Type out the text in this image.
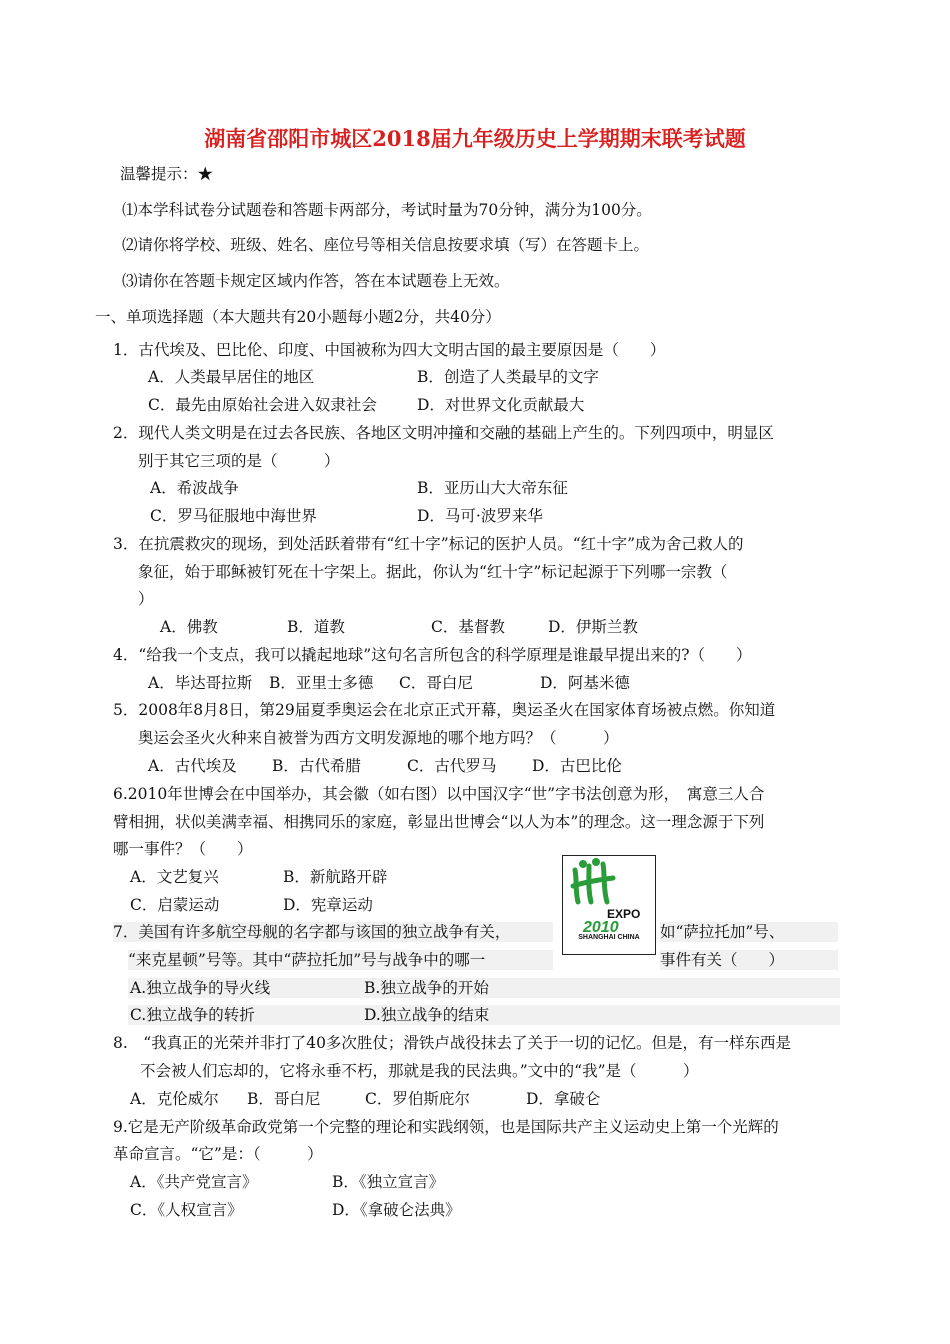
湖南省邵阳市城区2018届九年级历史上学期期末联考试题
温馨提示：★
⑴本学科试卷分试题卷和答题卡两部分，考试时量为70分钟，满分为100分。
⑵请你将学校、班级、姓名、座位号等相关信息按要求填（写）在答题卡上。
⑶请你在答题卡规定区域内作答，答在本试题卷上无效。
一、单项选择题（本大题共有20小题每小题2分，共40分）
1．古代埃及、巴比伦、印度、中国被称为四大文明古国的最主要原因是（　　）
A．人类最早居住的地区	B．创造了人类最早的文字
C．最先由原始社会进入奴隶社会	D．对世界文化贡献最大
2．现代人类文明是在过去各民族、各地区文明冲撞和交融的基础上产生的。下列四项中，明显区
别于其它三项的是（　　　）
A．希波战争	B．亚历山大大帝东征
C．罗马征服地中海世界	D．马可·波罗来华
3．在抗震救灾的现场，到处活跃着带有“红十字”标记的医护人员。“红十字”成为舍己救人的
象征，始于耶稣被钉死在十字架上。据此，你认为“红十字”标记起源于下列哪一宗教（
）
A．佛教	B．道教	C．基督教	D．伊斯兰教
4．“给我一个支点，我可以撬起地球”这句名言所包含的科学原理是谁最早提出来的?（　　）
A．毕达哥拉斯 B．亚里士多德 C．哥白尼	D．阿基米德
5．2008年8月8日，第29届夏季奥运会在北京正式开幕，奥运圣火在国家体育场被点燃。你知道
奥运会圣火火种来自被誉为西方文明发源地的哪个地方吗？（　　　）
A．古代埃及 B．古代希腊	C．古代罗马 D．古巴比伦
6.2010年世博会在中国举办，其会徽（如右图）以中国汉字“世”字书法创意为形，　寓意三人合
臂相拥，状似美满幸福、相携同乐的家庭，彰显出世博会“以人为本”的理念。这一理念源于下列
哪一事件？（　　）
A．文艺复兴	B．新航路开辟
C．启蒙运动	D．宪章运动	EXPO
2010
SHANGHAI CHINA
7．美国有许多航空母舰的名字都与该国的独立战争有关，	如“萨拉托加”号、
“来克星顿”号等。其中“萨拉托加”号与战争中的哪一	事件有关（　　）
A.独立战争的导火线	B.独立战争的开始
C.独立战争的转折	D.独立战争的结束
8.　“我真正的光荣并非打了40多次胜仗；滑铁卢战役抹去了关于一切的记忆。但是，有一样东西是
不会被人们忘却的，它将永垂不朽，那就是我的民法典。”文中的“我”是（　　　）
A．克伦威尔 B．哥白尼	C．罗伯斯庇尔	D．拿破仑
9.它是无产阶级革命政党第一个完整的理论和实践纲领，也是国际共产主义运动史上第一个光辉的
革命宣言。“它”是：（　　　）
A．《共产党宣言》	B．《独立宣言》
C．《人权宣言》	D．《拿破仑法典》
